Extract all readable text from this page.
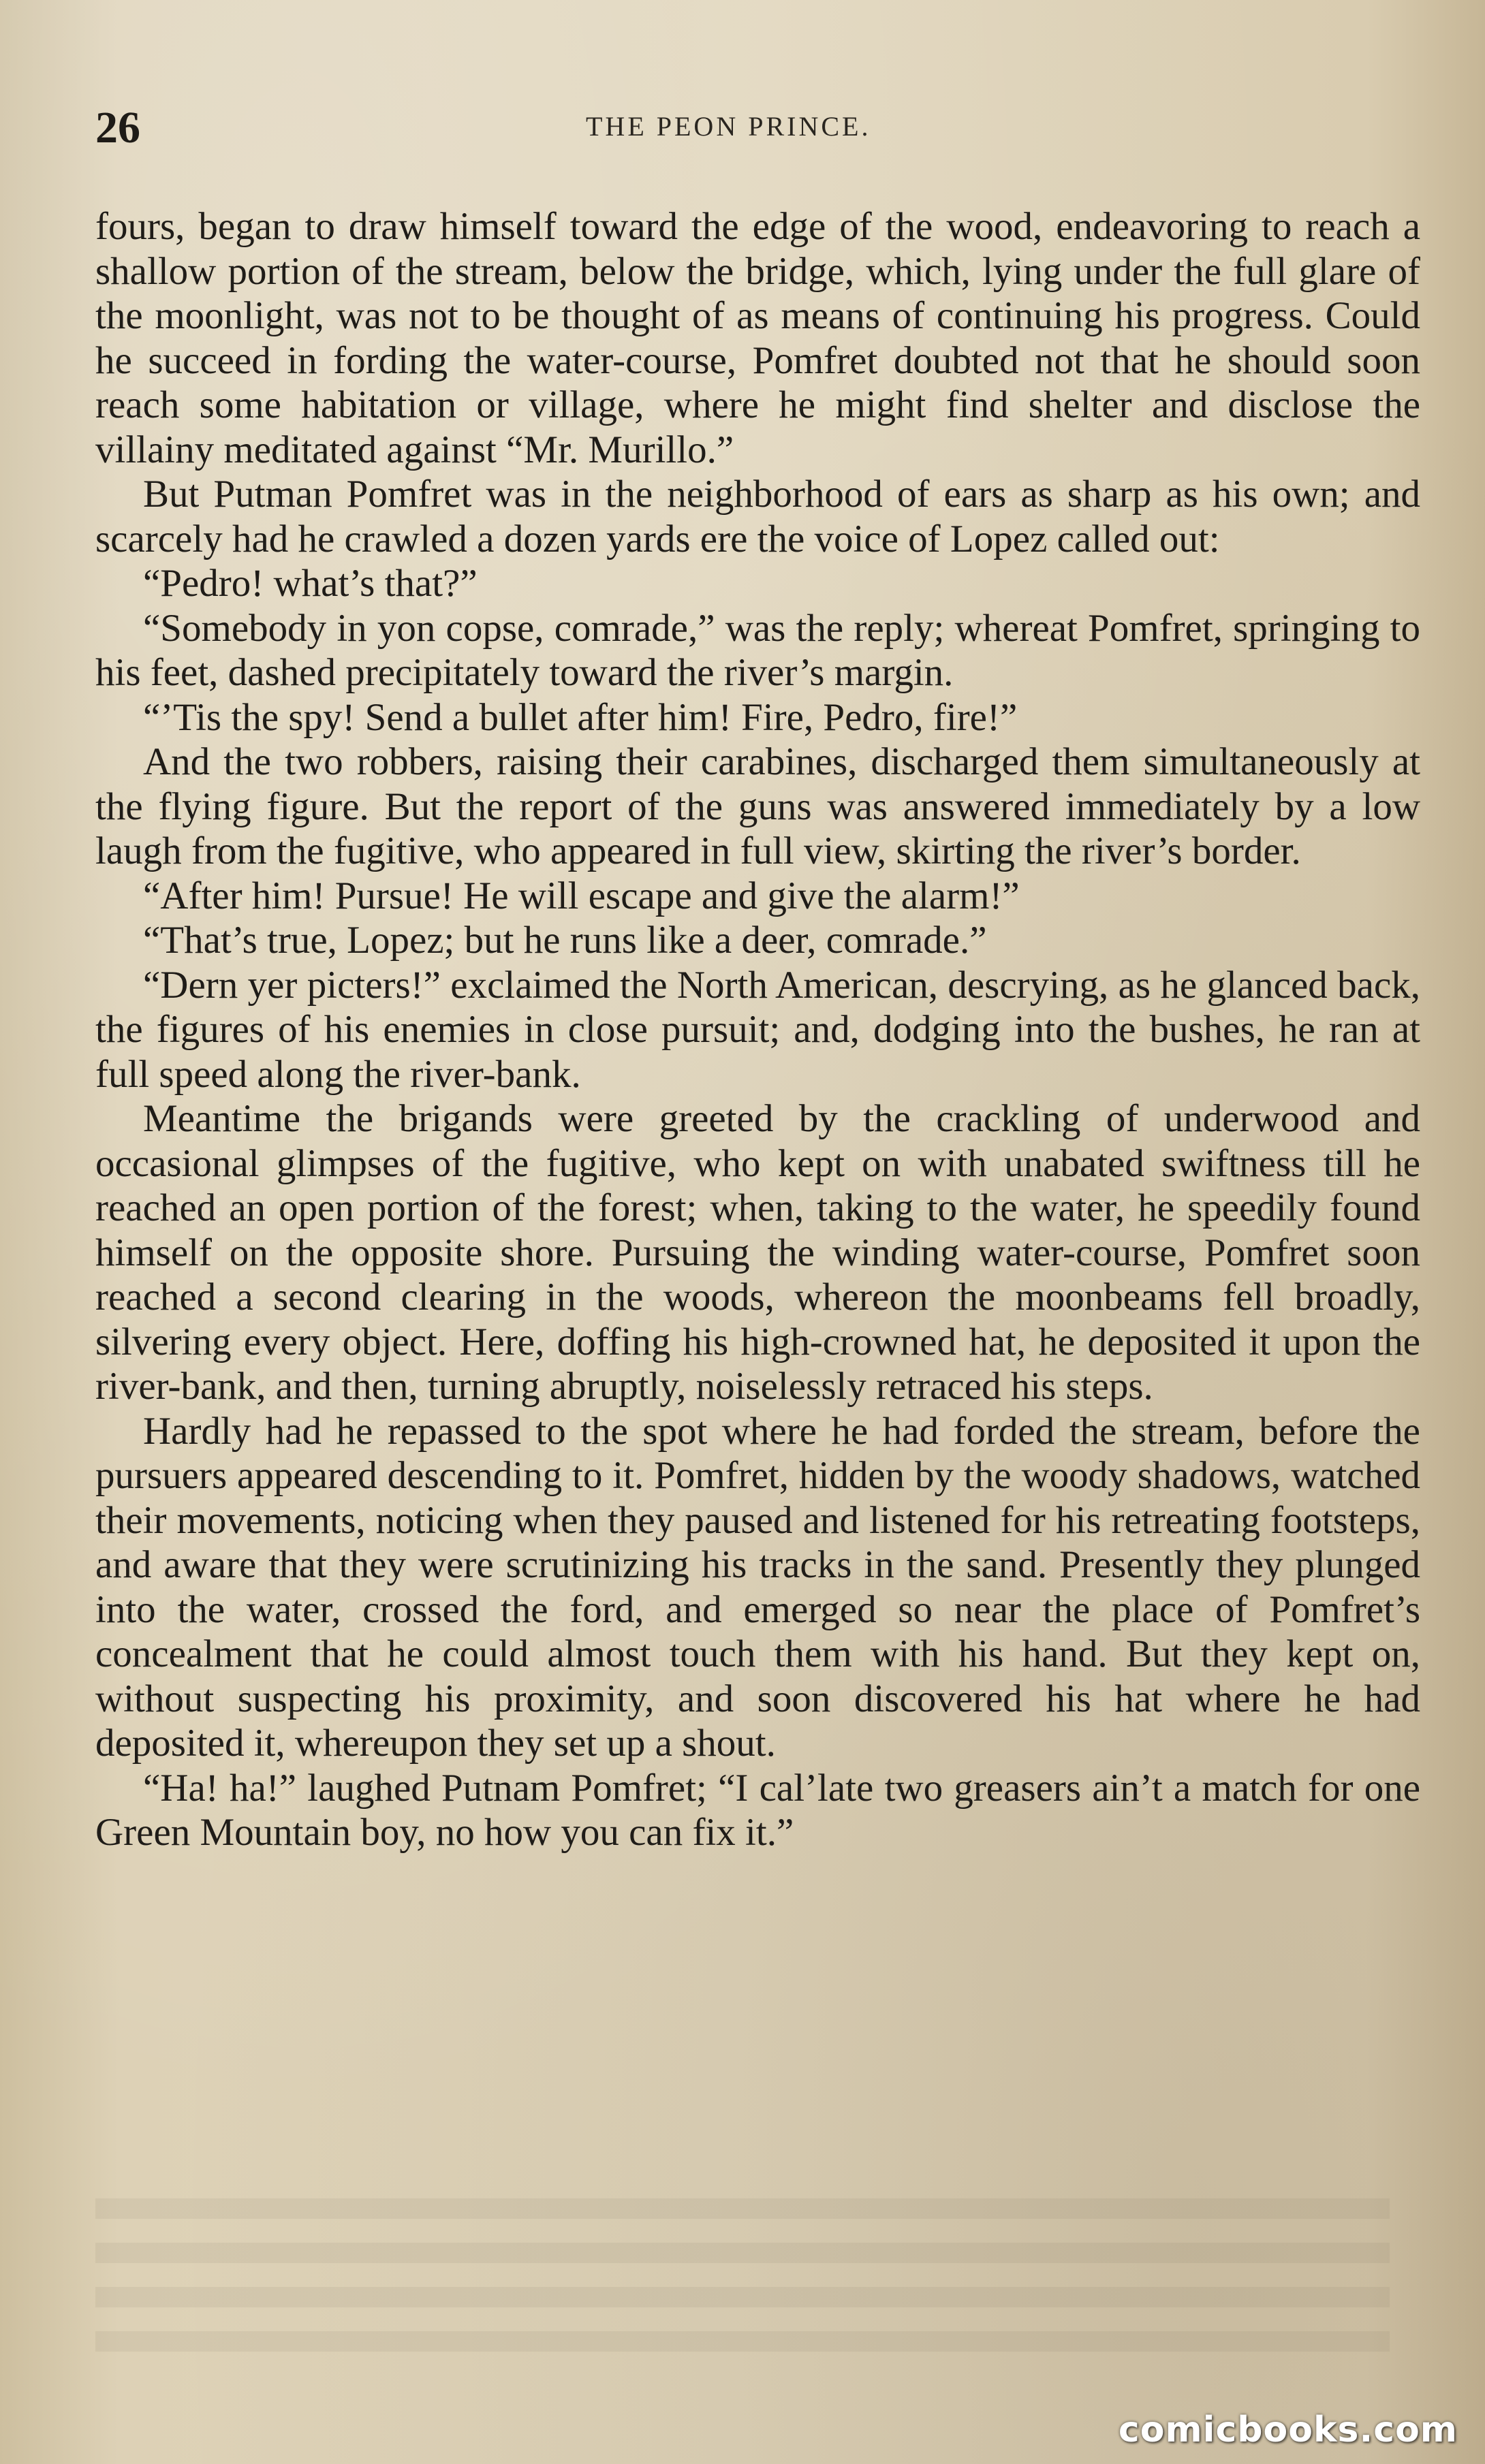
26	THE PEON PRINCE.

fours, began to draw himself toward the edge of the wood, endeavoring to reach a shallow portion of the stream, below the bridge, which, lying under the full glare of the moonlight, was not to be thought of as means of continuing his progress. Could he succeed in fording the water-course, Pomfret doubted not that he should soon reach some habitation or village, where he might find shelter and disclose the villainy meditated against “Mr. Murillo.”

But Putman Pomfret was in the neighborhood of ears as sharp as his own; and scarcely had he crawled a dozen yards ere the voice of Lopez called out:

“Pedro! what’s that?”

“Somebody in yon copse, comrade,” was the reply; whereat Pomfret, springing to his feet, dashed precipitately toward the river’s margin.

“’Tis the spy! Send a bullet after him! Fire, Pedro, fire!”

And the two robbers, raising their carabines, discharged them simultaneously at the flying figure. But the report of the guns was answered immediately by a low laugh from the fugitive, who appeared in full view, skirting the river’s border.

“After him! Pursue! He will escape and give the alarm!”

“That’s true, Lopez; but he runs like a deer, comrade.”

“Dern yer picters!” exclaimed the North American, descrying, as he glanced back, the figures of his enemies in close pursuit; and, dodging into the bushes, he ran at full speed along the river-bank.

Meantime the brigands were greeted by the crackling of underwood and occasional glimpses of the fugitive, who kept on with unabated swiftness till he reached an open portion of the forest; when, taking to the water, he speedily found himself on the opposite shore. Pursuing the winding water-course, Pomfret soon reached a second clearing in the woods, whereon the moonbeams fell broadly, silvering every object. Here, doffing his high-crowned hat, he deposited it upon the river-bank, and then, turning abruptly, noiselessly retraced his steps.

Hardly had he repassed to the spot where he had forded the stream, before the pursuers appeared descending to it. Pomfret, hidden by the woody shadows, watched their movements, noticing when they paused and listened for his retreating footsteps, and aware that they were scrutinizing his tracks in the sand. Presently they plunged into the water, crossed the ford, and emerged so near the place of Pomfret’s concealment that he could almost touch them with his hand. But they kept on, without suspecting his proximity, and soon discovered his hat where he had deposited it, whereupon they set up a shout.

“Ha! ha!” laughed Putnam Pomfret; “I cal’late two greasers ain’t a match for one Green Mountain boy, no how you can fix it.”

comicbooks.com
